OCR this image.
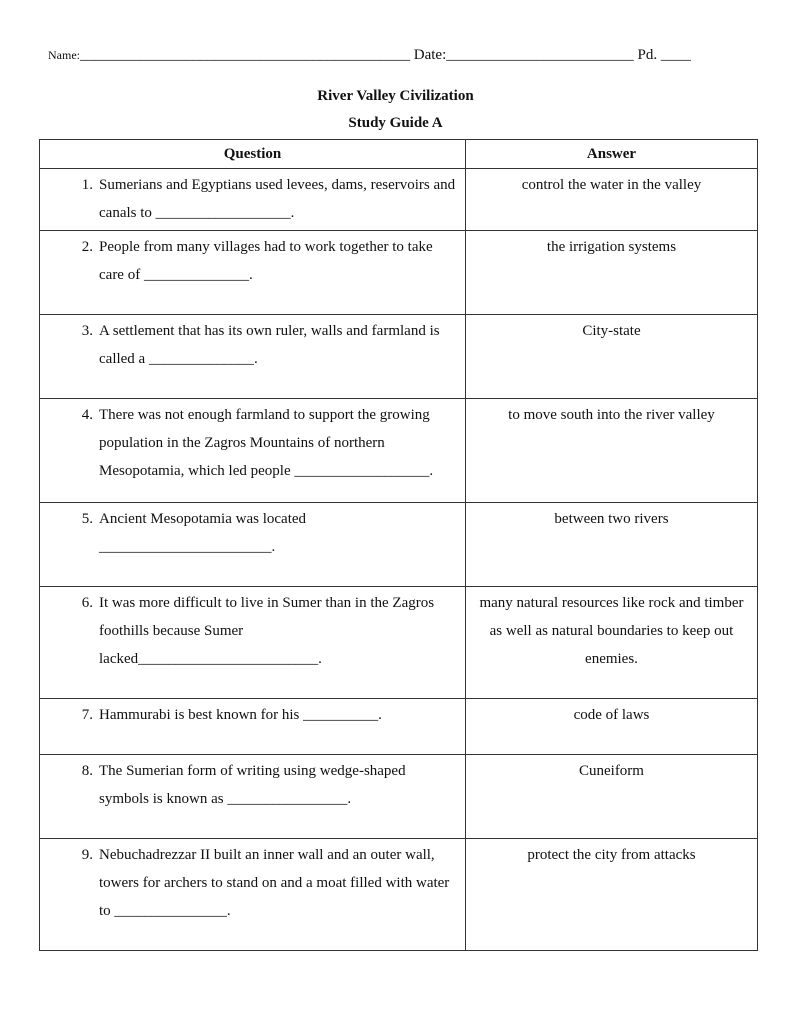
Name:____________________________________________ Date:_________________________ Pd. ____
River Valley Civilization
Study Guide A
Question	Answer

1. Sumerians and Egyptians used levees, dams, reservoirs and canals to __________________.	control the water in the valley

2. People from many villages had to work together to take care of ______________.	the irrigation systems

3. A settlement that has its own ruler, walls and farmland is called a ______________.	City-state

4. There was not enough farmland to support the growing population in the Zagros Mountains of northern Mesopotamia, which led people __________________.	to move south into the river valley

5. Ancient Mesopotamia was located _______________________.	between two rivers

6. It was more difficult to live in Sumer than in the Zagros foothills because Sumer lacked________________________.	many natural resources like rock and timber as well as natural boundaries to keep out enemies.

7. Hammurabi is best known for his __________.	code of laws

8. The Sumerian form of writing using wedge-shaped symbols is known as ________________.	Cuneiform

9. Nebuchadrezzar II built an inner wall and an outer wall, towers for archers to stand on and a moat filled with water to _______________.	protect the city from attacks
